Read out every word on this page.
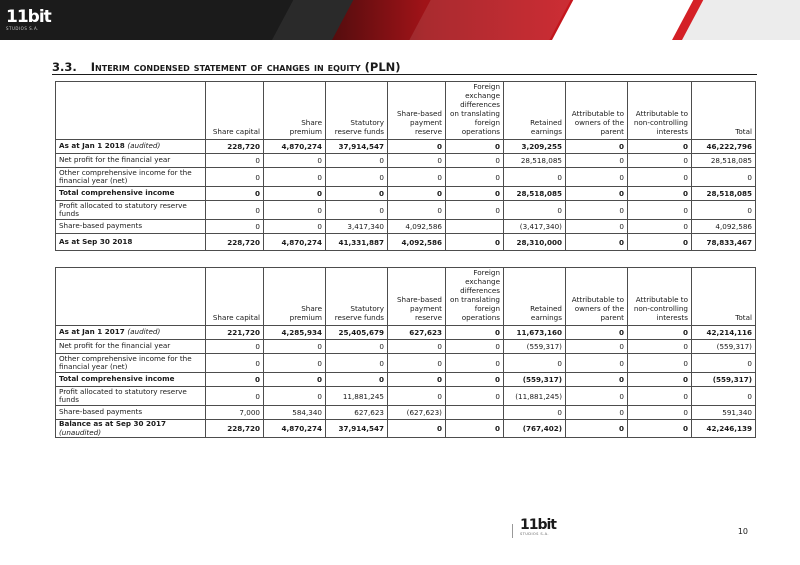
11bit
STUDIOS S.A.
3.3. Interim condensed statement of changes in equity (PLN)
	Share capital	Share premium	Statutory reserve funds	Share-based payment reserve	Foreign exchange differences on translating foreign operations	Retained earnings	Attributable to owners of the parent	Attributable to non-controlling interests	Total
As at Jan 1 2018 (audited)	228,720	4,870,274	37,914,547	0	0	3,209,255	0	0	46,222,796
Net profit for the financial year	0	0	0	0	0	28,518,085	0	0	28,518,085
Other comprehensive income for the financial year (net)	0	0	0	0	0	0	0	0	0
Total comprehensive income	0	0	0	0	0	28,518,085	0	0	28,518,085
Profit allocated to statutory reserve funds	0	0	0	0	0	0	0	0	0
Share-based payments	0	0	3,417,340	4,092,586		(3,417,340)	0	0	4,092,586
As at Sep 30 2018	228,720	4,870,274	41,331,887	4,092,586	0	28,310,000	0	0	78,833,467
	Share capital	Share premium	Statutory reserve funds	Share-based payment reserve	Foreign exchange differences on translating foreign operations	Retained earnings	Attributable to owners of the parent	Attributable to non-controlling interests	Total
As at Jan 1 2017 (audited)	221,720	4,285,934	25,405,679	627,623	0	11,673,160	0	0	42,214,116
Net profit for the financial year	0	0	0	0	0	(559,317)	0	0	(559,317)
Other comprehensive income for the financial year (net)	0	0	0	0	0	0	0	0	0
Total comprehensive income	0	0	0	0	0	(559,317)	0	0	(559,317)
Profit allocated to statutory reserve funds	0	0	11,881,245	0	0	(11,881,245)	0	0	0
Share-based payments	7,000	584,340	627,623	(627,623)		0	0	0	591,340
Balance as at Sep 30 2017 (unaudited)	228,720	4,870,274	37,914,547	0	0	(767,402)	0	0	42,246,139
11bit
STUDIOS S.A.	10
